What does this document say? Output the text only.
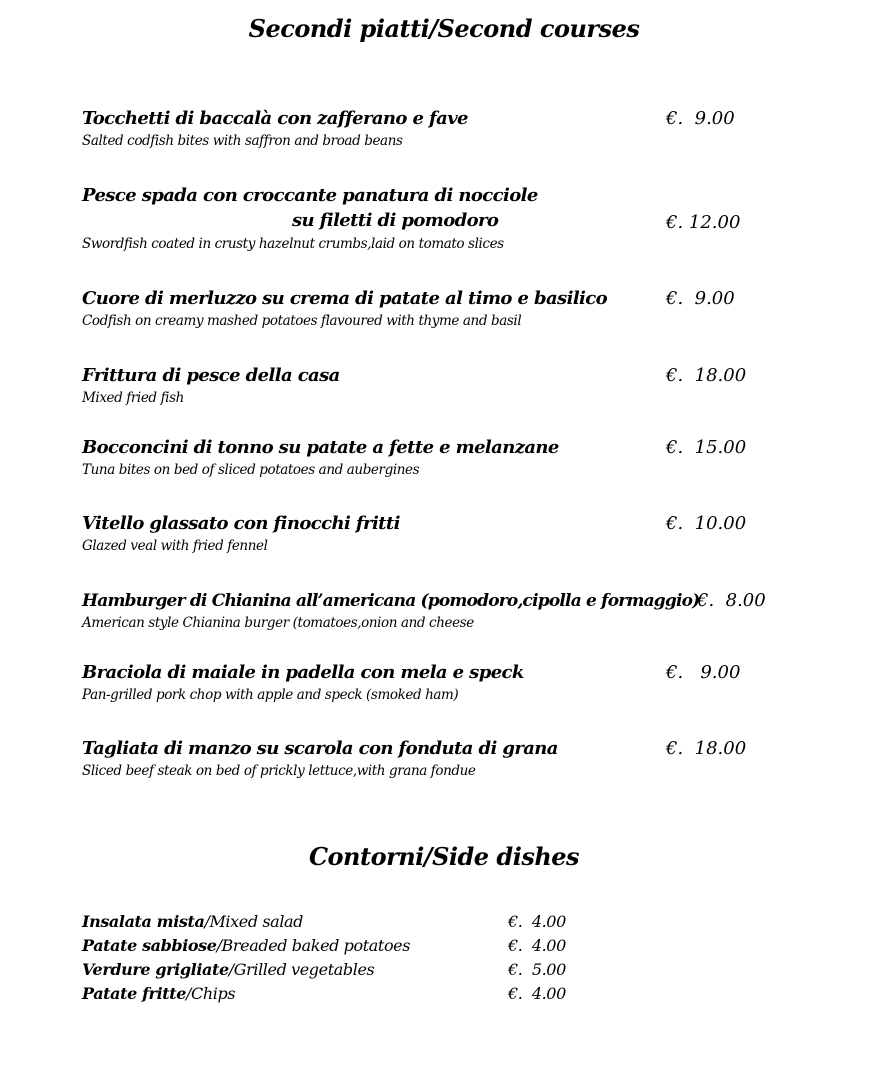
Secondi piatti/Second courses
Tocchetti di baccalà con zafferano e fave
Salted codfish bites with saffron and broad beans
€.  9.00
Pesce spada con croccante panatura di nocciole
su filetti di pomodoro
Swordfish coated in crusty hazelnut crumbs,laid on tomato slices
€. 12.00
Cuore di merluzzo su crema di patate al timo e basilico
Codfish on creamy mashed potatoes flavoured with thyme and basil
€.  9.00
Frittura di pesce della casa
Mixed fried fish
€.  18.00
Bocconcini di tonno su patate a fette e melanzane
Tuna bites on bed of sliced potatoes and aubergines
€.  15.00
Vitello glassato con finocchi fritti
Glazed veal with fried fennel
€.  10.00
Hamburger di Chianina all’americana (pomodoro,cipolla e formaggio)
American style Chianina burger (tomatoes,onion and cheese
€.  8.00
Braciola di maiale in padella con mela e speck
Pan-grilled pork chop with apple and speck (smoked ham)
€.   9.00
Tagliata di manzo su scarola con fonduta di grana
Sliced beef steak on bed of prickly lettuce,with grana fondue
€.  18.00
Contorni/Side dishes
Insalata mista/Mixed salad	€.  4.00
Patate sabbiose/Breaded baked potatoes	€.  4.00
Verdure grigliate/Grilled vegetables	€.  5.00
Patate fritte/Chips	€.  4.00
